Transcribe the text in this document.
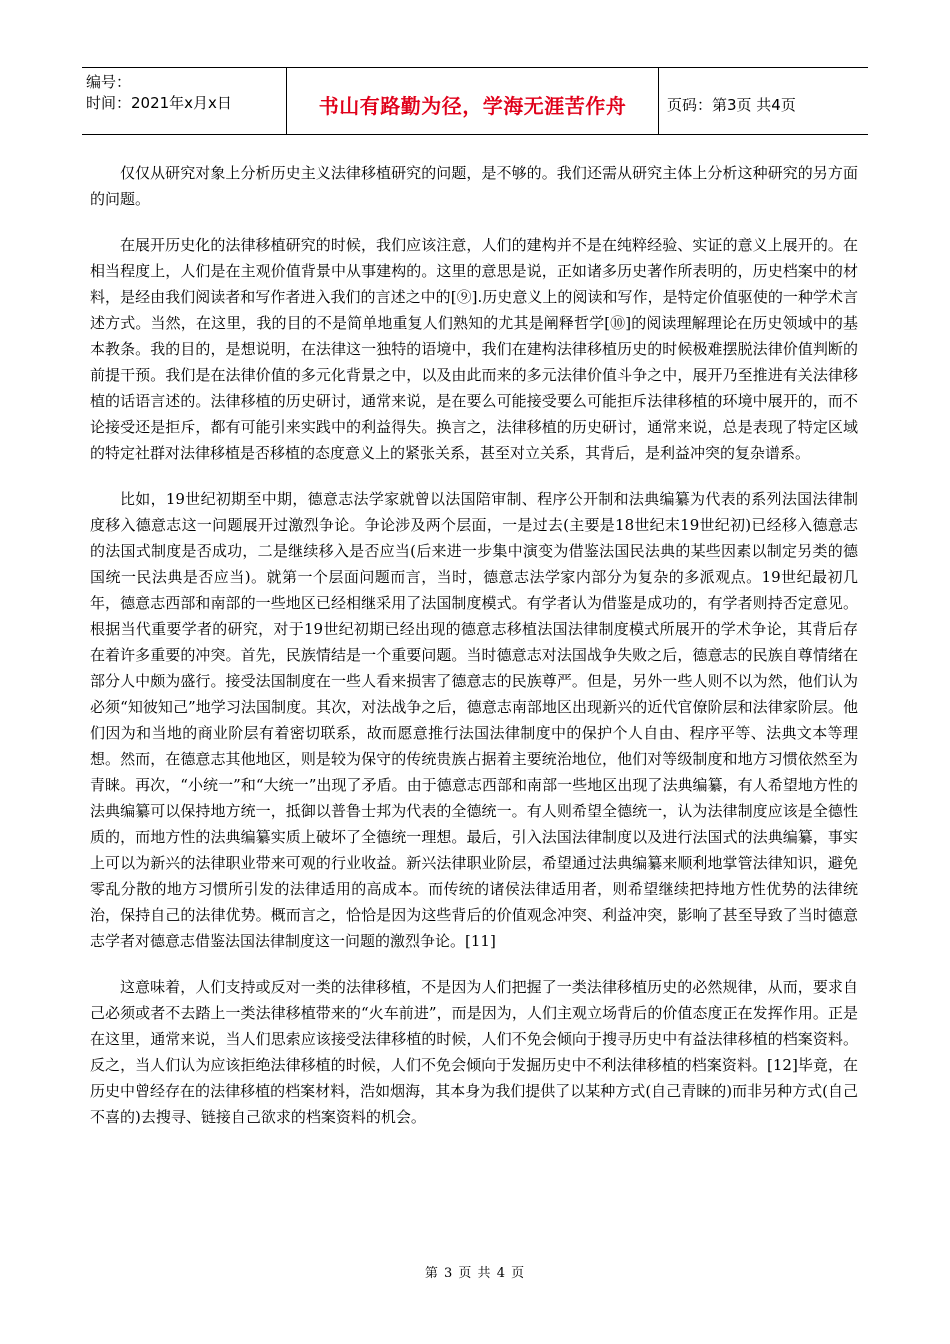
编号：
时间：2021年x月x日	书山有路勤为径，学海无涯苦作舟	页码：第3页 共4页

仅仅从研究对象上分析历史主义法律移植研究的问题，是不够的。我们还需从研究主体上分析这种研究的另方面的问题。

在展开历史化的法律移植研究的时候，我们应该注意，人们的建构并不是在纯粹经验、实证的意义上展开的。在相当程度上，人们是在主观价值背景中从事建构的。这里的意思是说，正如诸多历史著作所表明的，历史档案中的材料，是经由我们阅读者和写作者进入我们的言述之中的[⑨].历史意义上的阅读和写作，是特定价值驱使的一种学术言述方式。当然，在这里，我的目的不是简单地重复人们熟知的尤其是阐释哲学[⑩]的阅读理解理论在历史领域中的基本教条。我的目的，是想说明，在法律这一独特的语境中，我们在建构法律移植历史的时候极难摆脱法律价值判断的前提干预。我们是在法律价值的多元化背景之中，以及由此而来的多元法律价值斗争之中，展开乃至推进有关法律移植的话语言述的。法律移植的历史研讨，通常来说，是在要么可能接受要么可能拒斥法律移植的环境中展开的，而不论接受还是拒斥，都有可能引来实践中的利益得失。换言之，法律移植的历史研讨，通常来说，总是表现了特定区域的特定社群对法律移植是否移植的态度意义上的紧张关系，甚至对立关系，其背后，是利益冲突的复杂谱系。

比如，19世纪初期至中期，德意志法学家就曾以法国陪审制、程序公开制和法典编纂为代表的系列法国法律制度移入德意志这一问题展开过激烈争论。争论涉及两个层面，一是过去(主要是18世纪末19世纪初)已经移入德意志的法国式制度是否成功，二是继续移入是否应当(后来进一步集中演变为借鉴法国民法典的某些因素以制定另类的德国统一民法典是否应当)。就第一个层面问题而言，当时，德意志法学家内部分为复杂的多派观点。19世纪最初几年，德意志西部和南部的一些地区已经相继采用了法国制度模式。有学者认为借鉴是成功的，有学者则持否定意见。根据当代重要学者的研究，对于19世纪初期已经出现的德意志移植法国法律制度模式所展开的学术争论，其背后存在着许多重要的冲突。首先，民族情结是一个重要问题。当时德意志对法国战争失败之后，德意志的民族自尊情绪在部分人中颇为盛行。接受法国制度在一些人看来损害了德意志的民族尊严。但是，另外一些人则不以为然，他们认为必须“知彼知己”地学习法国制度。其次，对法战争之后，德意志南部地区出现新兴的近代官僚阶层和法律家阶层。他们因为和当地的商业阶层有着密切联系，故而愿意推行法国法律制度中的保护个人自由、程序平等、法典文本等理想。然而，在德意志其他地区，则是较为保守的传统贵族占据着主要统治地位，他们对等级制度和地方习惯依然至为青睐。再次，“小统一”和“大统一”出现了矛盾。由于德意志西部和南部一些地区出现了法典编纂，有人希望地方性的法典编纂可以保持地方统一，抵御以普鲁士邦为代表的全德统一。有人则希望全德统一，认为法律制度应该是全德性质的，而地方性的法典编纂实质上破坏了全德统一理想。最后，引入法国法律制度以及进行法国式的法典编纂，事实上可以为新兴的法律职业带来可观的行业收益。新兴法律职业阶层，希望通过法典编纂来顺利地掌管法律知识，避免零乱分散的地方习惯所引发的法律适用的高成本。而传统的诸侯法律适用者，则希望继续把持地方性优势的法律统治，保持自己的法律优势。概而言之，恰恰是因为这些背后的价值观念冲突、利益冲突，影响了甚至导致了当时德意志学者对德意志借鉴法国法律制度这一问题的激烈争论。[11]

这意味着，人们支持或反对一类的法律移植，不是因为人们把握了一类法律移植历史的必然规律，从而，要求自己必须或者不去踏上一类法律移植带来的“火车前进”，而是因为，人们主观立场背后的价值态度正在发挥作用。正是在这里，通常来说，当人们思索应该接受法律移植的时候，人们不免会倾向于搜寻历史中有益法律移植的档案资料。反之，当人们认为应该拒绝法律移植的时候，人们不免会倾向于发掘历史中不利法律移植的档案资料。[12]毕竟，在历史中曾经存在的法律移植的档案材料，浩如烟海，其本身为我们提供了以某种方式(自己青睐的)而非另种方式(自己不喜的)去搜寻、链接自己欲求的档案资料的机会。

第 3 页 共 4 页
